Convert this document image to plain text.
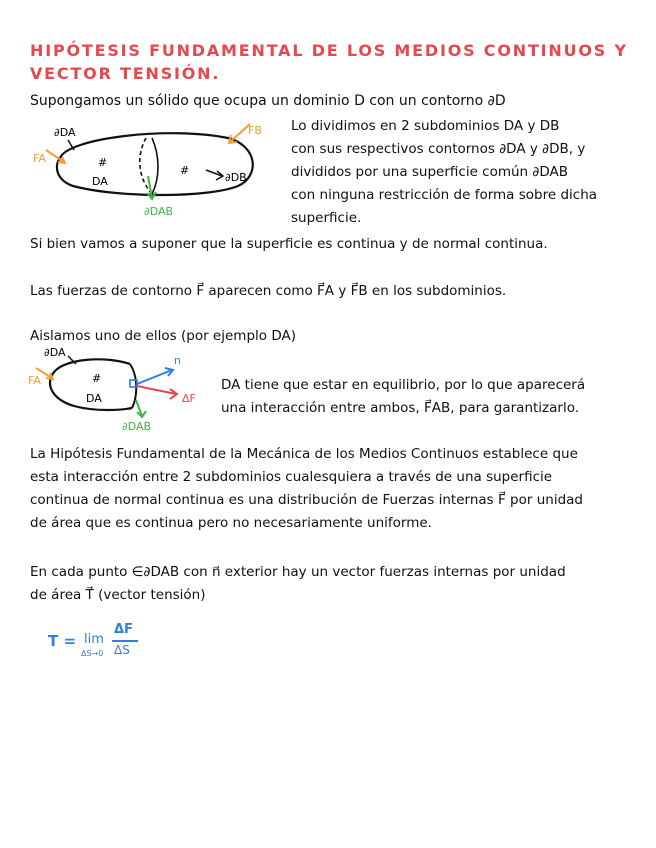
HIPÓTESIS FUNDAMENTAL DE LOS MEDIOS CONTINUOS Y
VECTOR TENSIÓN.
Supongamos un sólido que ocupa un dominio D con un contorno ∂D
∂DA
FA
FB
#
#
DA	∂DB
∂DAB
Lo dividimos en 2 subdominios DA y DB
con sus respectivos contornos ∂DA y ∂DB, y
divididos por una superficie común ∂DAB
con ninguna restricción de forma sobre dicha
superficie.
Si bien vamos a suponer que la superficie es continua y de normal continua.
Las fuerzas de contorno F⃗ aparecen como F⃗A y F⃗B en los subdominios.
Aislamos uno de ellos (por ejemplo DA)
∂DA
FA	#
DA
n
ΔF
∂DAB
DA tiene que estar en equilibrio, por lo que aparecerá
una interacción entre ambos, F⃗AB, para garantizarlo.
La Hipótesis Fundamental de la Mecánica de los Medios Continuos establece que
esta interacción entre 2 subdominios cualesquiera a través de una superficie
continua de normal continua es una distribución de Fuerzas internas F⃗ por unidad
de área que es continua pero no necesariamente uniforme.
En cada punto ∈∂DAB con n⃗ exterior hay un vector fuerzas internas por unidad
de área T⃗ (vector tensión)
T = lim
ΔS→0
ΔF
ΔS
